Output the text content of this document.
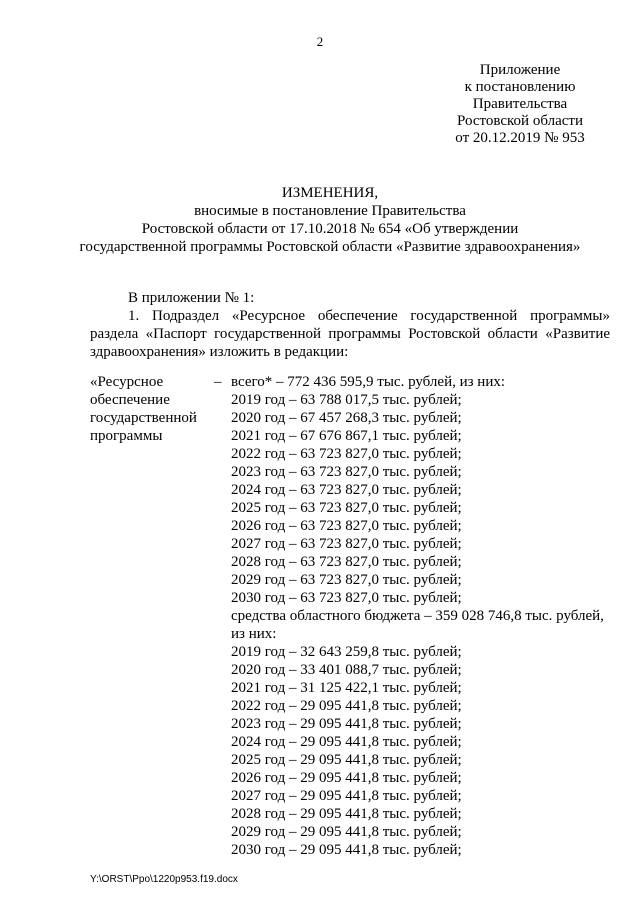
2
Приложение
к постановлению
Правительства
Ростовской области
от 20.12.2019 № 953
ИЗМЕНЕНИЯ,
вносимые в постановление Правительства
Ростовской области от 17.10.2018 № 654 «Об утверждении
государственной программы Ростовской области «Развитие здравоохранения»
В приложении № 1:
1. Подраздел «Ресурсное обеспечение государственной программы»
раздела «Паспорт государственной программы Ростовской области «Развитие
здравоохранения» изложить в редакции:
«Ресурсное
обеспечение
государственной
программы
– всего* – 772 436 595,9 тыс. рублей, из них:
2019 год – 63 788 017,5 тыс. рублей;
2020 год – 67 457 268,3 тыс. рублей;
2021 год – 67 676 867,1 тыс. рублей;
2022 год – 63 723 827,0 тыс. рублей;
2023 год – 63 723 827,0 тыс. рублей;
2024 год – 63 723 827,0 тыс. рублей;
2025 год – 63 723 827,0 тыс. рублей;
2026 год – 63 723 827,0 тыс. рублей;
2027 год – 63 723 827,0 тыс. рублей;
2028 год – 63 723 827,0 тыс. рублей;
2029 год – 63 723 827,0 тыс. рублей;
2030 год – 63 723 827,0 тыс. рублей;
средства областного бюджета – 359 028 746,8 тыс. рублей,
из них:
2019 год – 32 643 259,8 тыс. рублей;
2020 год – 33 401 088,7 тыс. рублей;
2021 год – 31 125 422,1 тыс. рублей;
2022 год – 29 095 441,8 тыс. рублей;
2023 год – 29 095 441,8 тыс. рублей;
2024 год – 29 095 441,8 тыс. рублей;
2025 год – 29 095 441,8 тыс. рублей;
2026 год – 29 095 441,8 тыс. рублей;
2027 год – 29 095 441,8 тыс. рублей;
2028 год – 29 095 441,8 тыс. рублей;
2029 год – 29 095 441,8 тыс. рублей;
2030 год – 29 095 441,8 тыс. рублей;
Y:\ORST\Ppo\1220p953.f19.docx
